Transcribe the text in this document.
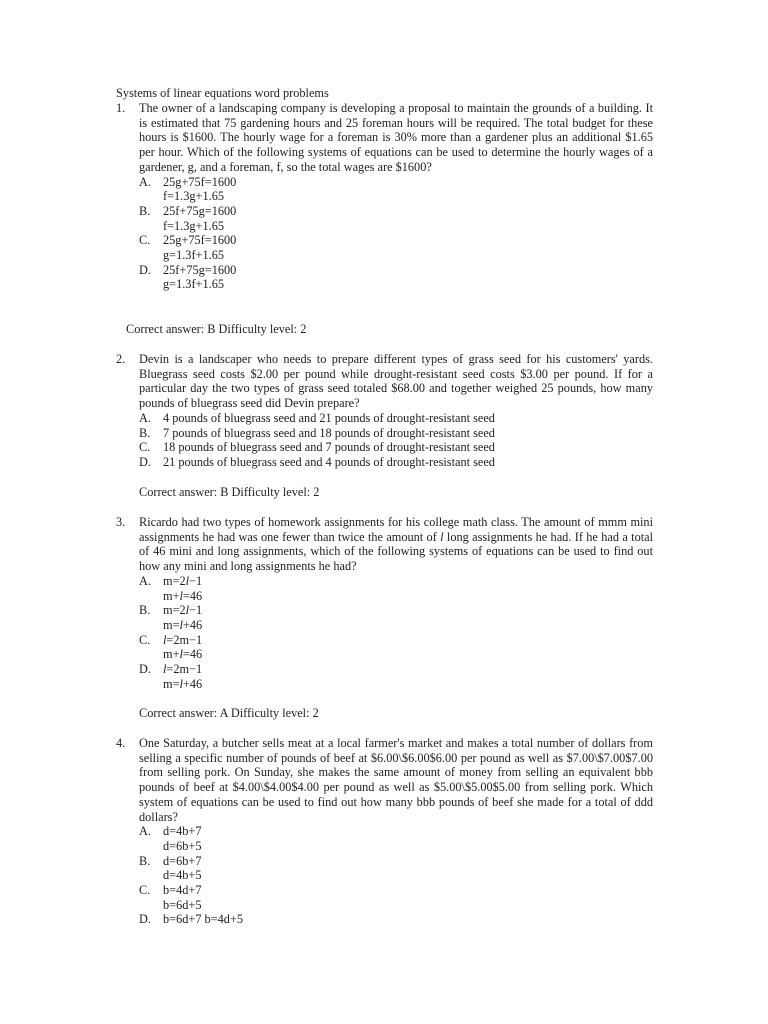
Systems of linear equations word problems
1. The owner of a landscaping company is developing a proposal to maintain the grounds of a building. It is estimated that 75 gardening hours and 25 foreman hours will be required. The total budget for these hours is $1600. The hourly wage for a foreman is 30% more than a gardener plus an additional $1.65 per hour. Which of the following systems of equations can be used to determine the hourly wages of a gardener, g, and a foreman, f, so the total wages are $1600?
A. 25g+75f=1600
f=1.3g+1.65
B. 25f+75g=1600
f=1.3g+1.65
C. 25g+75f=1600
g=1.3f+1.65
D. 25f+75g=1600
g=1.3f+1.65
Correct answer: B Difficulty level: 2
2. Devin is a landscaper who needs to prepare different types of grass seed for his customers' yards. Bluegrass seed costs $2.00 per pound while drought-resistant seed costs $3.00 per pound. If for a particular day the two types of grass seed totaled $68.00 and together weighed 25 pounds, how many pounds of bluegrass seed did Devin prepare?
A. 4 pounds of bluegrass seed and 21 pounds of drought-resistant seed
B. 7 pounds of bluegrass seed and 18 pounds of drought-resistant seed
C. 18 pounds of bluegrass seed and 7 pounds of drought-resistant seed
D. 21 pounds of bluegrass seed and 4 pounds of drought-resistant seed
Correct answer: B Difficulty level: 2
3. Ricardo had two types of homework assignments for his college math class. The amount of mmm mini assignments he had was one fewer than twice the amount of l long assignments he had. If he had a total of 46 mini and long assignments, which of the following systems of equations can be used to find out how any mini and long assignments he had?
A. m=2l−1
m+l=46
B. m=2l−1
m=l+46
C. l=2m−1
m+l=46
D. l=2m−1
m=l+46
Correct answer: A Difficulty level: 2
4. One Saturday, a butcher sells meat at a local farmer's market and makes a total number of dollars from selling a specific number of pounds of beef at $6.00\$6.00$6.00 per pound as well as $7.00\$7.00$7.00 from selling pork. On Sunday, she makes the same amount of money from selling an equivalent bbb pounds of beef at $4.00\$4.00$4.00 per pound as well as $5.00\$5.00$5.00 from selling pork. Which system of equations can be used to find out how many bbb pounds of beef she made for a total of ddd dollars?
A. d=4b+7
d=6b+5
B. d=6b+7
d=4b+5
C. b=4d+7
b=6d+5
D. b=6d+7 b=4d+5
